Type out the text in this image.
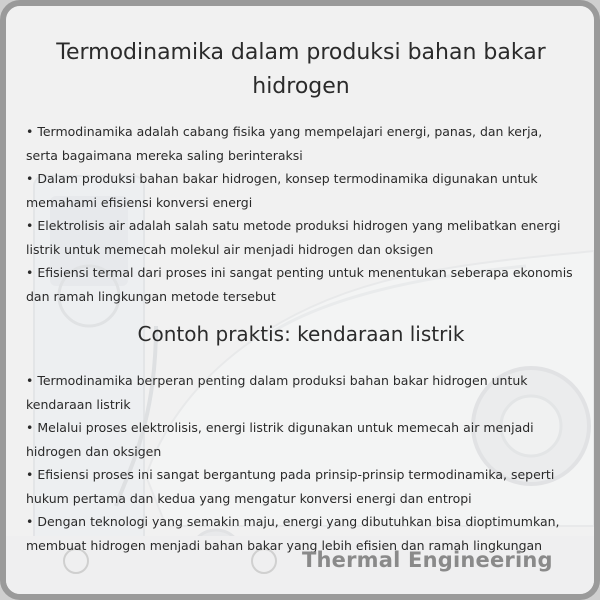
Termodinamika dalam produksi bahan bakar hidrogen
• Termodinamika adalah cabang fisika yang mempelajari energi, panas, dan kerja, serta bagaimana mereka saling berinteraksi
• Dalam produksi bahan bakar hidrogen, konsep termodinamika digunakan untuk memahami efisiensi konversi energi
• Elektrolisis air adalah salah satu metode produksi hidrogen yang melibatkan energi listrik untuk memecah molekul air menjadi hidrogen dan oksigen
• Efisiensi termal dari proses ini sangat penting untuk menentukan seberapa ekonomis dan ramah lingkungan metode tersebut
Contoh praktis: kendaraan listrik
• Termodinamika berperan penting dalam produksi bahan bakar hidrogen untuk kendaraan listrik
• Melalui proses elektrolisis, energi listrik digunakan untuk memecah air menjadi hidrogen dan oksigen
• Efisiensi proses ini sangat bergantung pada prinsip-prinsip termodinamika, seperti hukum pertama dan kedua yang mengatur konversi energi dan entropi
• Dengan teknologi yang semakin maju, energi yang dibutuhkan bisa dioptimumkan, membuat hidrogen menjadi bahan bakar yang lebih efisien dan ramah lingkungan
Thermal Engineering
